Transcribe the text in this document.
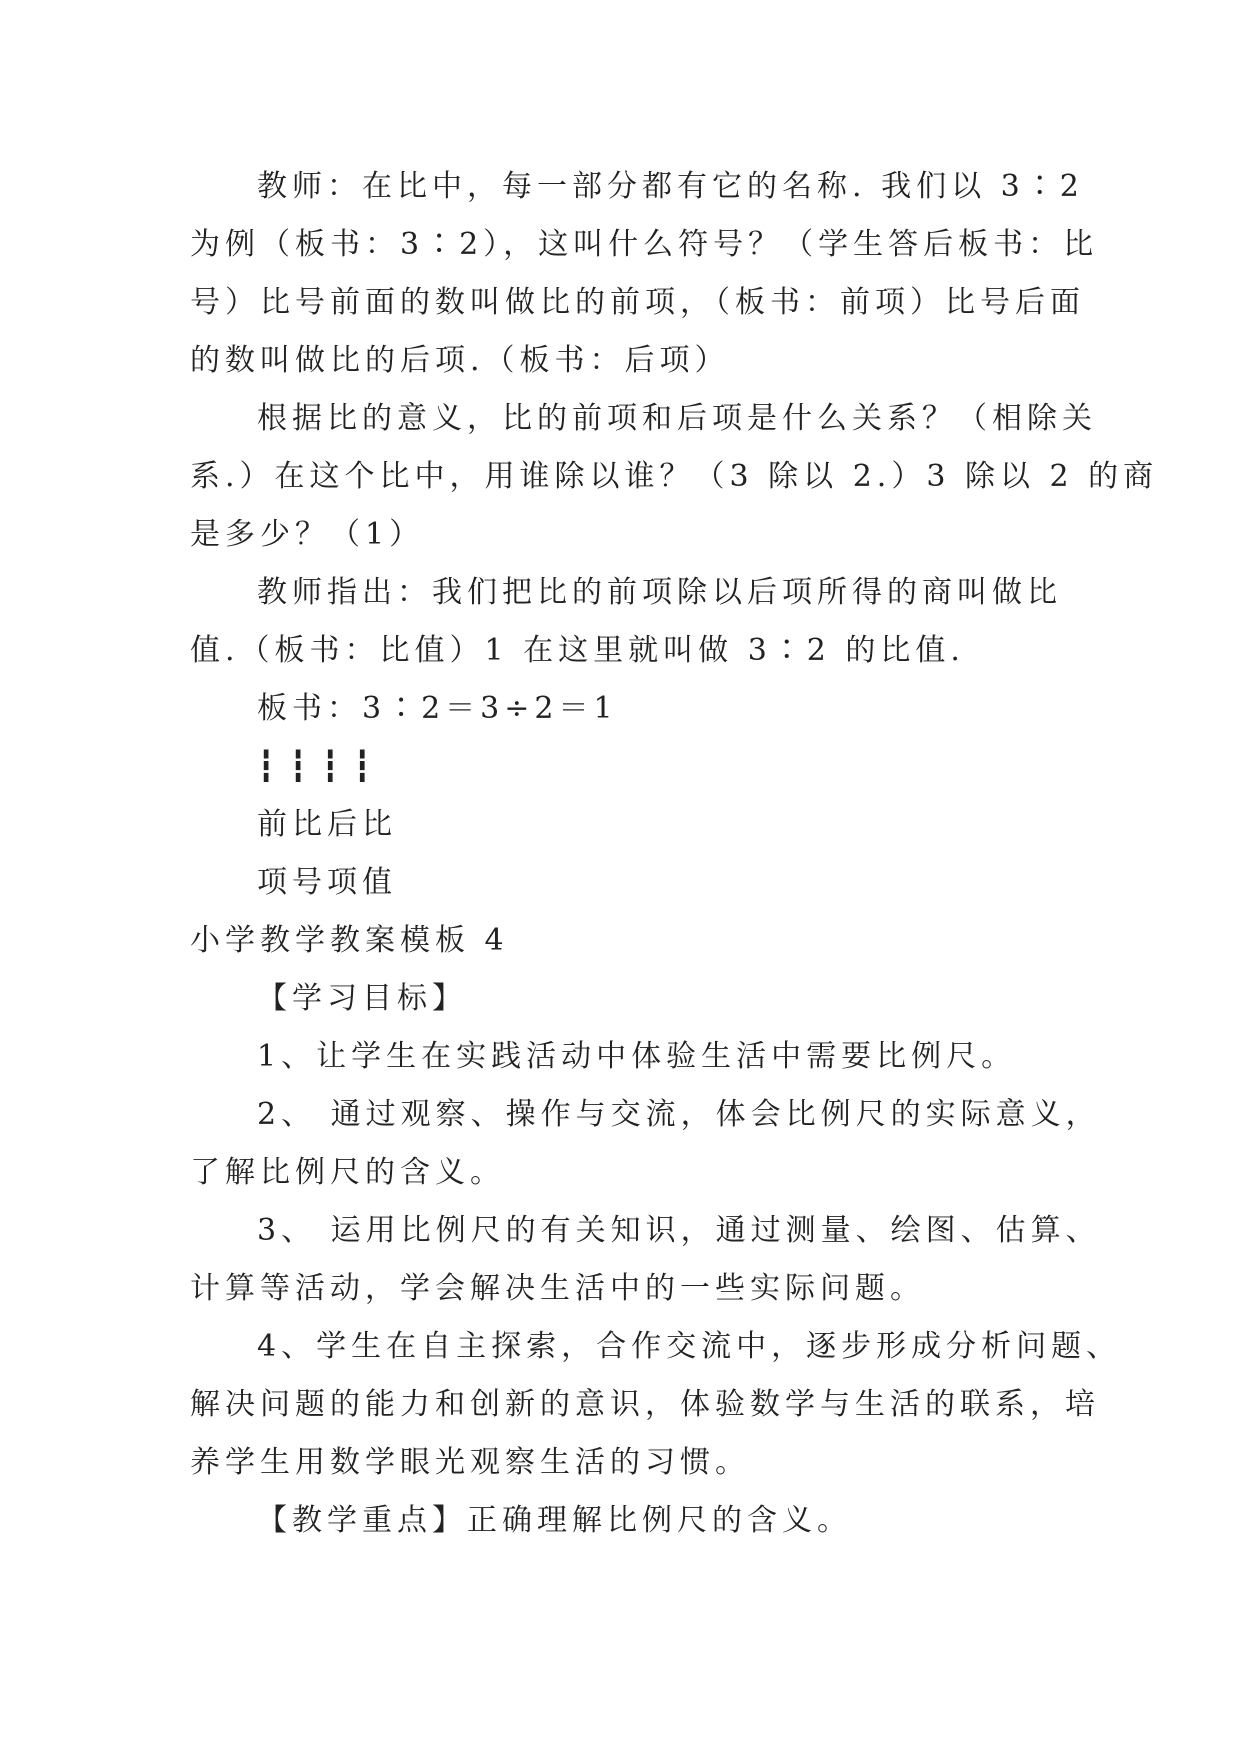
教师：在比中，每一部分都有它的名称. 我们以 3∶2
为例（板书：3∶2），这叫什么符号？（学生答后板书：比
号）比号前面的数叫做比的前项，（板书：前项）比号后面
的数叫做比的后项.（板书：后项）
根据比的意义，比的前项和后项是什么关系？（相除关
系.）在这个比中，用谁除以谁？（3 除以 2.）3 除以 2 的商
是多少？（1）
教师指出：我们把比的前项除以后项所得的商叫做比
值.（板书：比值）1 在这里就叫做 3∶2 的比值.
板书：3∶2＝3÷2＝1
┇┇┇┇
前比后比
项号项值
小学教学教案模板 4
【学习目标】
1、让学生在实践活动中体验生活中需要比例尺。
2、 通过观察、操作与交流，体会比例尺的实际意义，
了解比例尺的含义。
3、 运用比例尺的有关知识，通过测量、绘图、估算、
计算等活动，学会解决生活中的一些实际问题。
4、学生在自主探索，合作交流中，逐步形成分析问题、
解决问题的能力和创新的意识，体验数学与生活的联系，培
养学生用数学眼光观察生活的习惯。
【教学重点】正确理解比例尺的含义。
